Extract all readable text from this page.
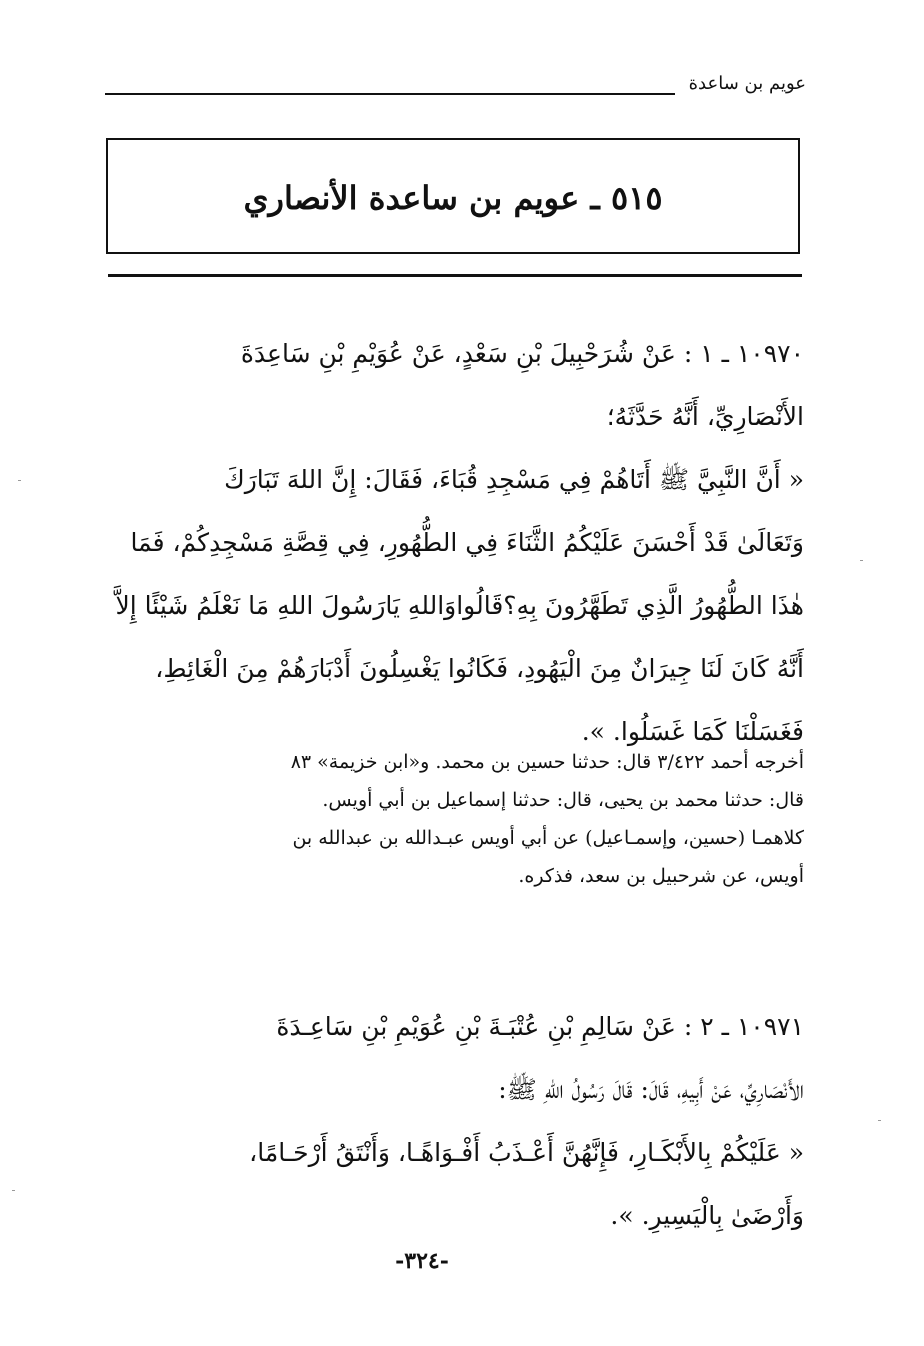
عويم بن ساعدة
٥١٥ ـ عويم بن ساعدة الأنصاري
١٠٩٧٠ ـ ١ : عَنْ شُرَحْبِيلَ بْنِ سَعْدٍ، عَنْ عُوَيْمِ بْنِ سَاعِدَةَ
الأَنْصَارِيِّ، أَنَّهُ حَدَّثَهُ؛
« أَنَّ النَّبِيَّ ﷺ أَتَاهُمْ فِي مَسْجِدِ قُبَاءَ، فَقَالَ: إِنَّ اللهَ تَبَارَكَ
وَتَعَالَىٰ قَدْ أَحْسَنَ عَلَيْكُمُ الثَّنَاءَ فِي الطُّهُورِ، فِي قِصَّةِ مَسْجِدِكُمْ، فَمَا
هٰذَا الطُّهُورُ الَّذِي تَطَهَّرُونَ بِهِ؟قَالُواوَاللهِ يَارَسُولَ اللهِ مَا نَعْلَمُ شَيْئًا إِلاَّ
أَنَّهُ كَانَ لَنَا جِيرَانٌ مِنَ الْيَهُودِ، فَكَانُوا يَغْسِلُونَ أَدْبَارَهُمْ مِنَ الْغَائِطِ،
فَغَسَلْنَا كَمَا غَسَلُوا. ».
أخرجه أحمد ٣/٤٢٢ قال: حدثنا حسين بن محمد. و«ابن خزيمة» ٨٣
قال: حدثنا محمد بن يحيى، قال: حدثنا إسماعيل بن أبي أويس.
كلاهمـا (حسين، وإسمـاعيل) عن أبي أويس عبـدالله بن عبدالله بن
أويس، عن شرحبيل بن سعد، فذكره.
١٠٩٧١ ـ ٢ : عَنْ سَالِمِ بْنِ عُتْبَـةَ بْنِ عُوَيْمِ بْنِ سَاعِـدَةَ
الأَنْصَارِيِّ، عَنْ أَبِيهِ، قَالَ: قَالَ رَسُولُ اللهِ ﷺ:
« عَلَيْكُمْ بِالأَبْكَـارِ، فَإِنَّهُنَّ أَعْـذَبُ أَفْـوَاهًـا، وَأَنْتَقُ أَرْحَـامًا،
وَأَرْضَىٰ بِالْيَسِيرِ. ».
-٣٢٤-
